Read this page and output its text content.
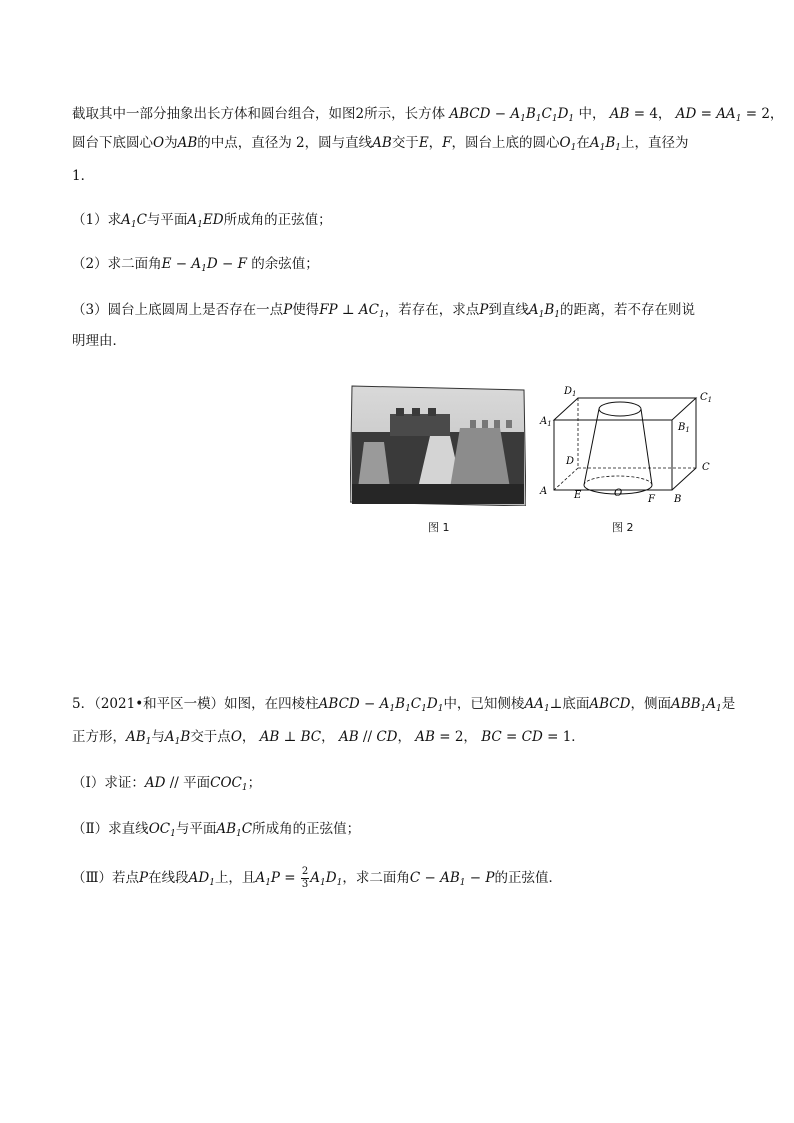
截取其中一部分抽象出长方体和圆台组合，如图2所示，长方体 ABCD − $A_1B_1C_1D_1$ 中， AB = 4， AD = $AA_1 = 2$，
圆台下底圆心O为AB的中点，直径为 2，圆与直线AB交于E，F，圆台上底的圆心$O_1$在$A_1B_1$上，直径为
1．
（1）求$A_1C$与平面$A_1ED$所成角的正弦值；
（2）求二面角$E - A_1D - F$ 的余弦值；
（3）圆台上底圆周上是否存在一点P使得FP ⊥ $AC_1$，若存在，求点P到直线$A_1B_1$的距离，若不存在则说
明理由．
图 1
$D_1$	$C_1$
$A_1$	$B_1$
D
C
A	E	O
F B
图 2
5．（2021•和平区一模）如图，在四棱柱ABCD − $A_1B_1C_1D_1$中，已知侧棱$AA_1\perp$底面ABCD，侧面$ABB_1A_1$是
正方形，$AB_1$与$A_1B$交于点O， AB ⊥ BC， AB // CD， AB = 2， BC = CD = 1．
（Ⅰ）求证：AD // 平面$COC_1$；
（Ⅱ）求直线$OC_1$与平面$AB_1C$所成角的正弦值；
（Ⅲ）若点P在线段$AD_1$上，且$A_1P = \frac{2}{3} A_1D_1$，求二面角$C - AB_1 - P$的正弦值．
